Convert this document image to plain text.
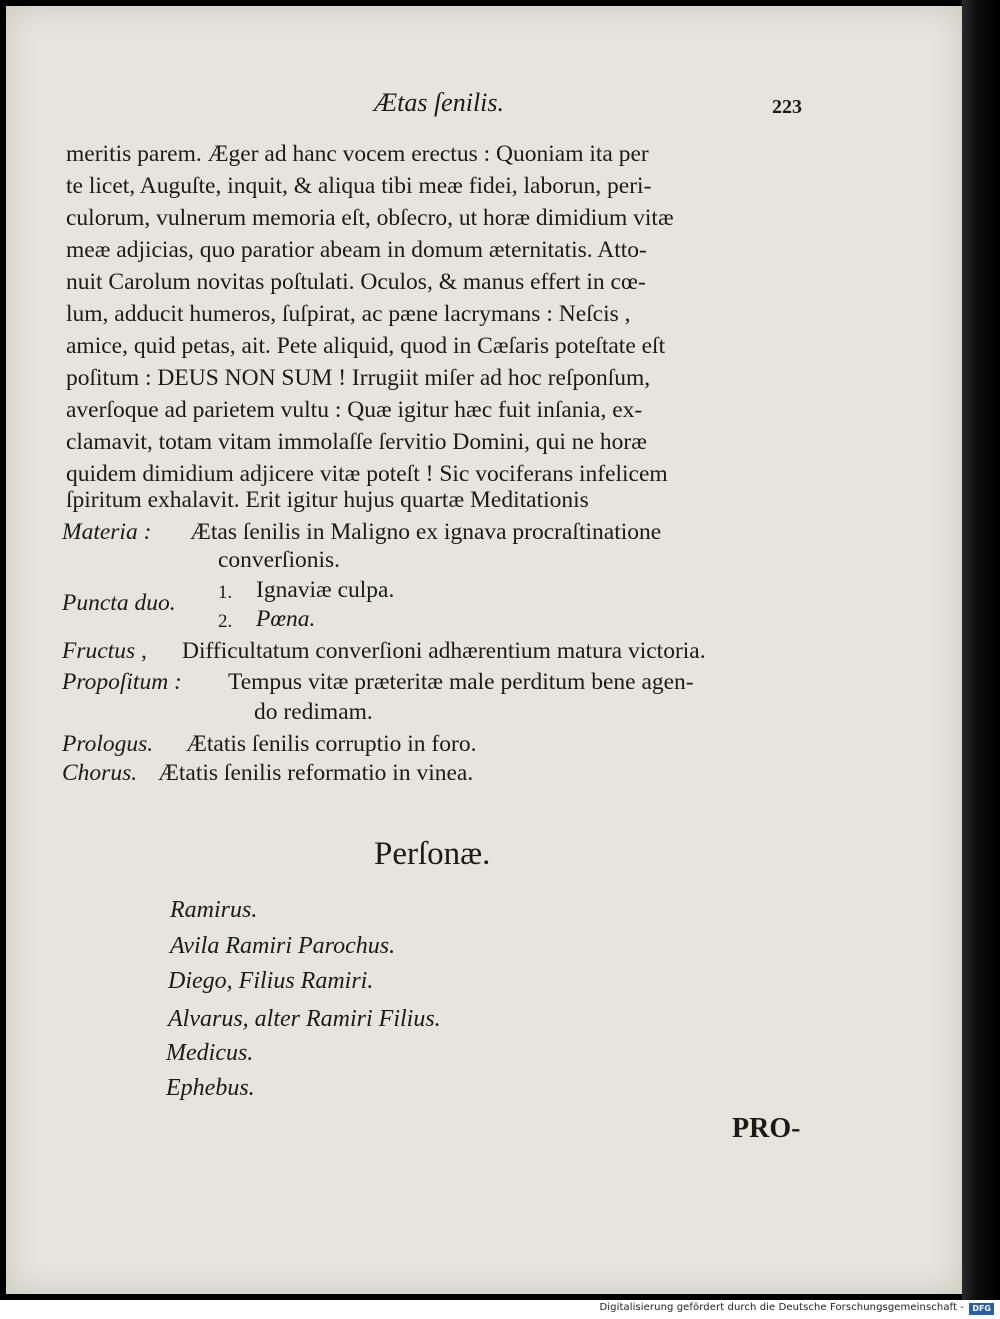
Ætas ſenilis.	223
meritis parem. Æger ad hanc vocem erectus : Quoniam ita per
te licet, Auguſte, inquit, & aliqua tibi meæ fidei, laborun, peri-
culorum, vulnerum memoria eſt, obſecro, ut horæ dimidium vitæ
meæ adjicias, quo paratior abeam in domum æternitatis. Atto-
nuit Carolum novitas poſtulati. Oculos, & manus effert in cœ-
lum, adducit humeros, ſuſpirat, ac pæne lacrymans : Neſcis ,
amice, quid petas, ait. Pete aliquid, quod in Cæſaris poteſtate eſt
poſitum : DEUS NON SUM ! Irrugiit miſer ad hoc reſponſum,
averſoque ad parietem vultu : Quæ igitur hæc fuit inſania, ex-
clamavit, totam vitam immolaſſe ſervitio Domini, qui ne horæ
quidem dimidium adjicere vitæ poteſt ! Sic vociferans infelicem
ſpiritum exhalavit. Erit igitur hujus quartæ Meditationis
Materia : Ætas ſenilis in Maligno ex ignava procraſtinatione
converſionis.
Puncta duo. 1. Ignaviæ culpa.
2. Pœna.
Fructus , Difficultatum converſioni adhærentium matura victoria.
Propoſitum : Tempus vitæ præteritæ male perditum bene agen-
do redimam.
Prologus. Ætatis ſenilis corruptio in foro.
Chorus. Ætatis ſenilis reformatio in vinea.
Perſonæ.
Ramirus.
Avila Ramiri Parochus.
Diego, Filius Ramiri.
Alvarus, alter Ramiri Filius.
Medicus.
Ephebus.
PRO-
Digitalisierung gefördert durch die Deutsche Forschungsgemeinschaft -	DFG
